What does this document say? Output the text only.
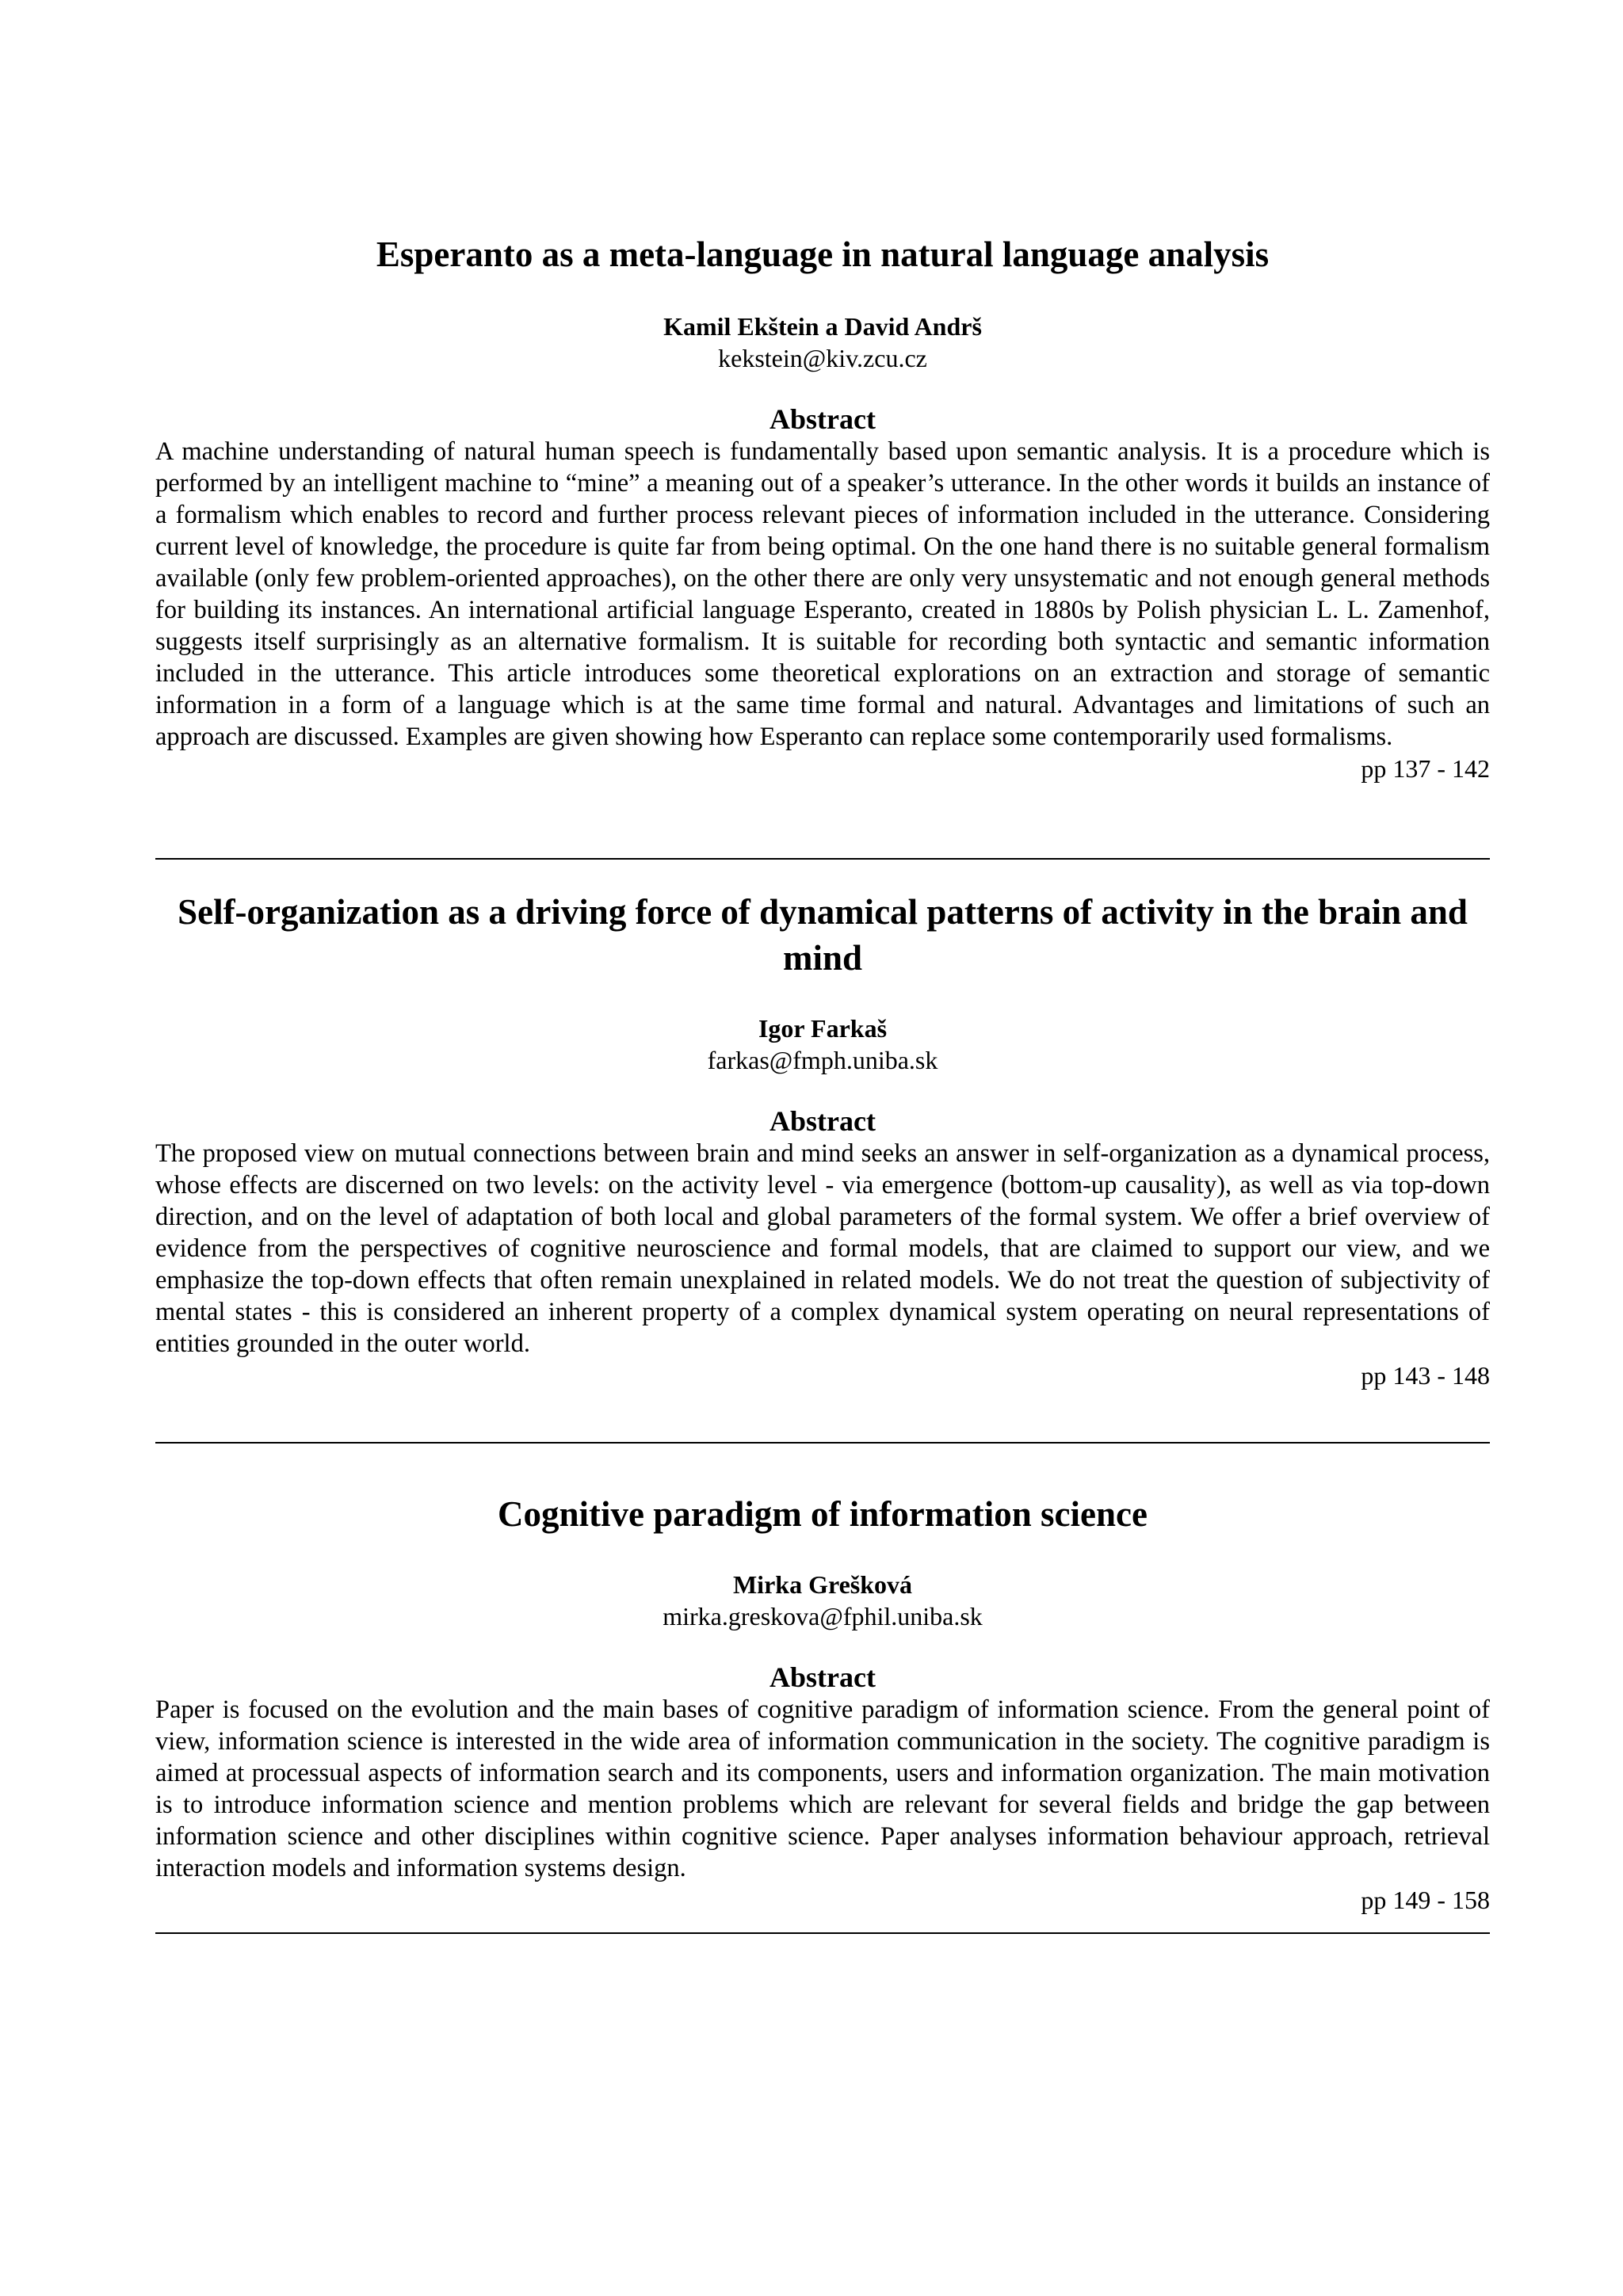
Esperanto as a meta-language in natural language analysis

Kamil Ekštein a David Andrš

kekstein@kiv.zcu.cz

Abstract

A machine understanding of natural human speech is fundamentally based upon semantic analysis. It is a procedure which is performed by an intelligent machine to “mine” a meaning out of a speaker’s utterance. In the other words it builds an instance of a formalism which enables to record and further process relevant pieces of information included in the utterance. Considering current level of knowledge, the procedure is quite far from being optimal. On the one hand there is no suitable general formalism available (only few problem-oriented approaches), on the other there are only very unsystematic and not enough general methods for building its instances. An international artificial language Esperanto, created in 1880s by Polish physician L. L. Zamenhof, suggests itself surprisingly as an alternative formalism. It is suitable for recording both syntactic and semantic information included in the utterance. This article introduces some theoretical explorations on an extraction and storage of semantic information in a form of a language which is at the same time formal and natural. Advantages and limitations of such an approach are discussed. Examples are given showing how Esperanto can replace some contemporarily used formalisms.

pp 137 - 142

Self-organization as a driving force of dynamical patterns of activity in the brain and mind

Igor Farkaš

farkas@fmph.uniba.sk

Abstract

The proposed view on mutual connections between brain and mind seeks an answer in self-organization as a dynamical process, whose effects are discerned on two levels: on the activity level - via emergence (bottom-up causality), as well as via top-down direction, and on the level of adaptation of both local and global parameters of the formal system. We offer a brief overview of evidence from the perspectives of cognitive neuroscience and formal models, that are claimed to support our view, and we emphasize the top-down effects that often remain unexplained in related models. We do not treat the question of subjectivity of mental states - this is considered an inherent property of a complex dynamical system operating on neural representations of entities grounded in the outer world.

pp 143 - 148

Cognitive paradigm of information science

Mirka Grešková

mirka.greskova@fphil.uniba.sk

Abstract

Paper is focused on the evolution and the main bases of cognitive paradigm of information science. From the general point of view, information science is interested in the wide area of information communication in the society. The cognitive paradigm is aimed at processual aspects of information search and its components, users and information organization. The main motivation is to introduce information science and mention problems which are relevant for several fields and bridge the gap between information science and other disciplines within cognitive science. Paper analyses information behaviour approach, retrieval interaction models and information systems design.

pp 149 - 158
